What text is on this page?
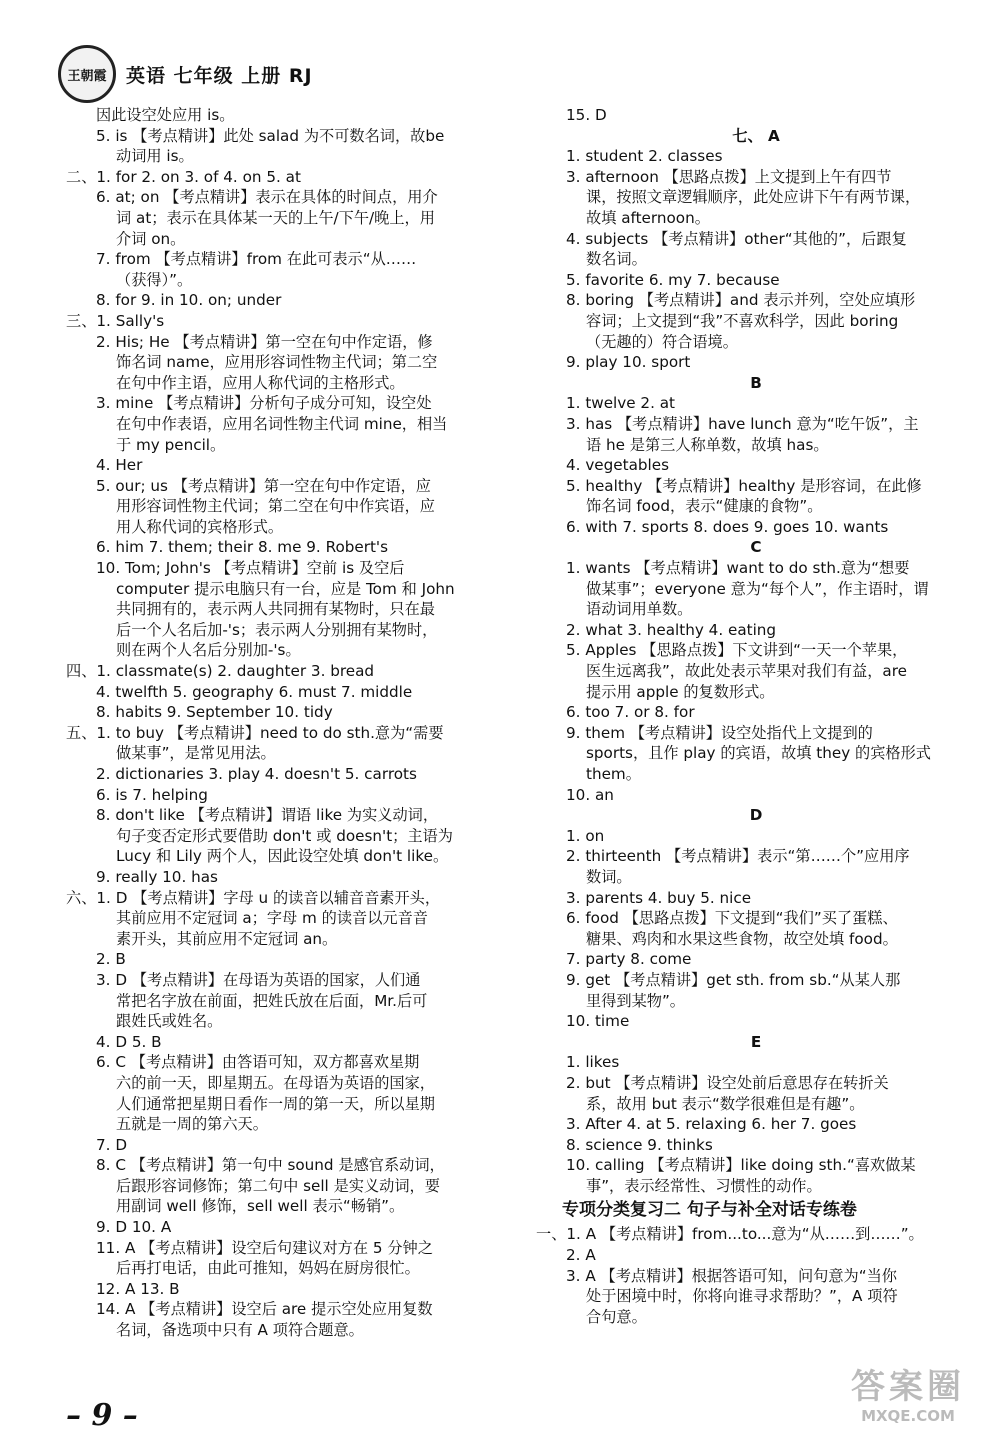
王朝霞	英语 七年级 上册 RJ
因此设空处应用 is。
5. is 【考点精讲】此处 salad 为不可数名词，故be
动词用 is。
二、1. for 2. on 3. of 4. on 5. at
6. at; on 【考点精讲】表示在具体的时间点，用介
词 at；表示在具体某一天的上午/下午/晚上，用
介词 on。
7. from 【考点精讲】from 在此可表示“从……
（获得）”。
8. for 9. in 10. on; under
三、1. Sally's
2. His; He 【考点精讲】第一空在句中作定语，修
饰名词 name，应用形容词性物主代词；第二空
在句中作主语，应用人称代词的主格形式。
3. mine 【考点精讲】分析句子成分可知，设空处
在句中作表语，应用名词性物主代词 mine，相当
于 my pencil。
4. Her
5. our; us 【考点精讲】第一空在句中作定语，应
用形容词性物主代词；第二空在句中作宾语，应
用人称代词的宾格形式。
6. him 7. them; their 8. me 9. Robert's
10. Tom; John's 【考点精讲】空前 is 及空后
computer 提示电脑只有一台，应是 Tom 和 John
共同拥有的，表示两人共同拥有某物时，只在最
后一个人名后加-'s；表示两人分别拥有某物时，
则在两个人名后分别加-'s。
四、1. classmate(s) 2. daughter 3. bread
4. twelfth 5. geography 6. must 7. middle
8. habits 9. September 10. tidy
五、1. to buy 【考点精讲】need to do sth.意为“需要
做某事”，是常见用法。
2. dictionaries 3. play 4. doesn't 5. carrots
6. is 7. helping
8. don't like 【考点精讲】谓语 like 为实义动词，
句子变否定形式要借助 don't 或 doesn't；主语为
Lucy 和 Lily 两个人，因此设空处填 don't like。
9. really 10. has
六、1. D 【考点精讲】字母 u 的读音以辅音音素开头，
其前应用不定冠词 a；字母 m 的读音以元音音
素开头，其前应用不定冠词 an。
2. B
3. D 【考点精讲】在母语为英语的国家，人们通
常把名字放在前面，把姓氏放在后面，Mr.后可
跟姓氏或姓名。
4. D 5. B
6. C 【考点精讲】由答语可知，双方都喜欢星期
六的前一天，即星期五。在母语为英语的国家，
人们通常把星期日看作一周的第一天，所以星期
五就是一周的第六天。
7. D
8. C 【考点精讲】第一句中 sound 是感官系动词，
后跟形容词修饰；第二句中 sell 是实义动词，要
用副词 well 修饰，sell well 表示“畅销”。
9. D 10. A
11. A 【考点精讲】设空后句建议对方在 5 分钟之
后再打电话，由此可推知，妈妈在厨房很忙。
12. A 13. B
14. A 【考点精讲】设空后 are 提示空处应用复数
名词，备选项中只有 A 项符合题意。
15. D
七、 A
1. student 2. classes
3. afternoon 【思路点拨】上文提到上午有四节
课，按照文章逻辑顺序，此处应讲下午有两节课，
故填 afternoon。
4. subjects 【考点精讲】other“其他的”，后跟复
数名词。
5. favorite 6. my 7. because
8. boring 【考点精讲】and 表示并列，空处应填形
容词；上文提到“我”不喜欢科学，因此 boring
（无趣的）符合语境。
9. play 10. sport
B
1. twelve 2. at
3. has 【考点精讲】have lunch 意为“吃午饭”，主
语 he 是第三人称单数，故填 has。
4. vegetables
5. healthy 【考点精讲】healthy 是形容词，在此修
饰名词 food，表示“健康的食物”。
6. with 7. sports 8. does 9. goes 10. wants
C
1. wants 【考点精讲】want to do sth.意为“想要
做某事”；everyone 意为“每个人”，作主语时，谓
语动词用单数。
2. what 3. healthy 4. eating
5. Apples 【思路点拨】下文讲到“一天一个苹果，
医生远离我”，故此处表示苹果对我们有益，are
提示用 apple 的复数形式。
6. too 7. or 8. for
9. them 【考点精讲】设空处指代上文提到的
sports，且作 play 的宾语，故填 they 的宾格形式
them。
10. an
D
1. on
2. thirteenth 【考点精讲】表示“第……个”应用序
数词。
3. parents 4. buy 5. nice
6. food 【思路点拨】下文提到“我们”买了蛋糕、
糖果、鸡肉和水果这些食物，故空处填 food。
7. party 8. come
9. get 【考点精讲】get sth. from sb.“从某人那
里得到某物”。
10. time
E
1. likes
2. but 【考点精讲】设空处前后意思存在转折关
系，故用 but 表示“数学很难但是有趣”。
3. After 4. at 5. relaxing 6. her 7. goes
8. science 9. thinks
10. calling 【考点精讲】like doing sth.“喜欢做某
事”，表示经常性、习惯性的动作。
专项分类复习二 句子与补全对话专练卷
一、1. A 【考点精讲】from...to...意为“从……到……”。
2. A
3. A 【考点精讲】根据答语可知，问句意为“当你
处于困境中时，你将向谁寻求帮助？”，A 项符
合句意。
– 9 –
答案圈
MXQE.COM
